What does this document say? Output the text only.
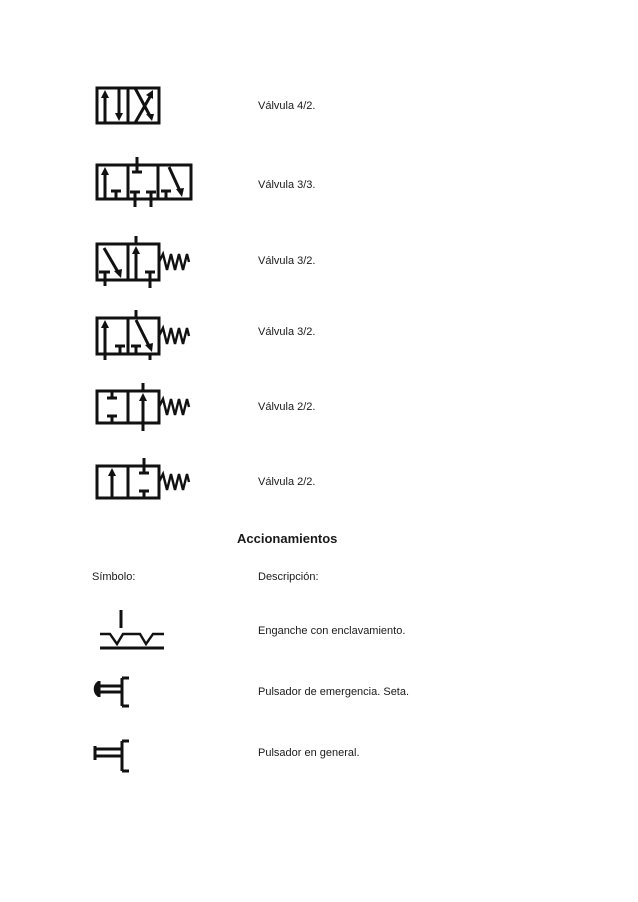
Válvula 4/2.
Válvula 3/3.
Válvula 3/2.
Válvula 3/2.
Válvula 2/2.
Válvula 2/2.
Accionamientos
Símbolo:	Descripción:
Enganche con enclavamiento.
Pulsador de emergencia. Seta.
Pulsador en general.
